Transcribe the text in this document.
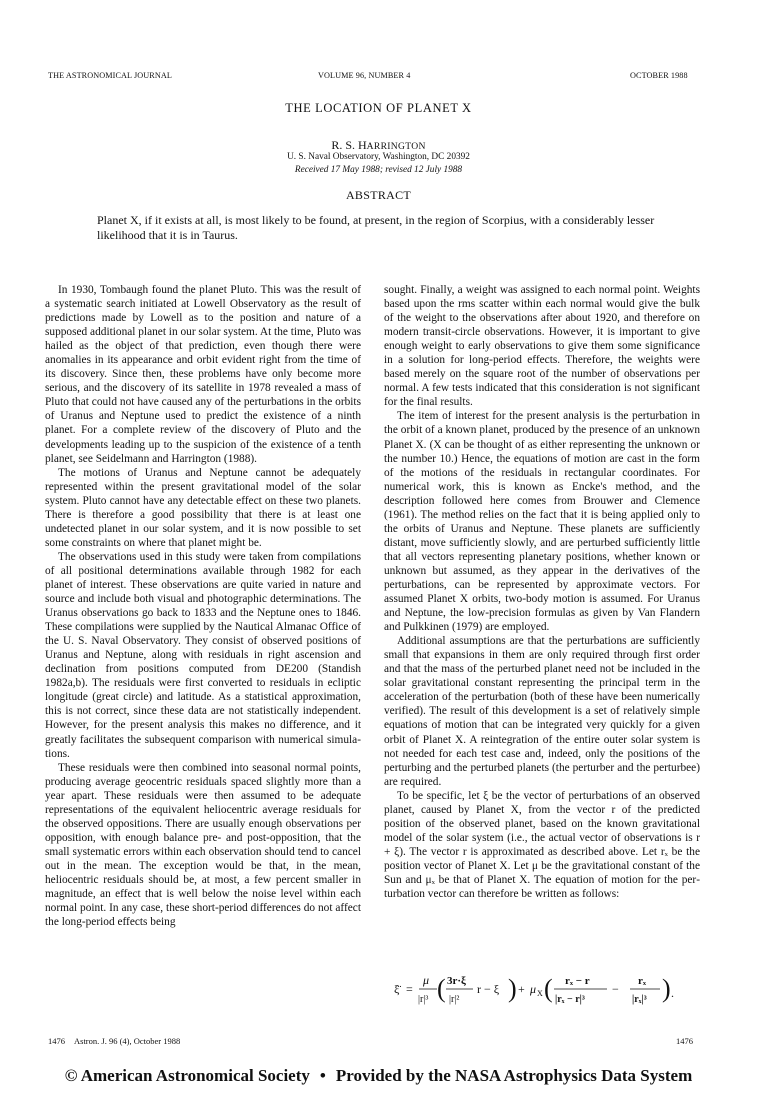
THE ASTRONOMICAL JOURNAL	VOLUME 96, NUMBER 4	OCTOBER 1988
THE LOCATION OF PLANET X
R. S. HARRINGTON
U. S. Naval Observatory, Washington, DC 20392
Received 17 May 1988; revised 12 July 1988
ABSTRACT
Planet X, if it exists at all, is most likely to be found, at present, in the region of Scorpius, with a considerably lesser likelihood that it is in Taurus.

In 1930, Tombaugh found the planet Pluto. This was the result of a systematic search initiated at Lowell Observatory as the result of predictions made by Lowell as to the position and nature of a supposed additional planet in our solar system. At the time, Pluto was hailed as the object of that prediction, even though there were anomalies in its appearance and orbit evident right from the time of its discovery. Since then, these problems have only become more serious, and the discovery of its satellite in 1978 revealed a mass of Pluto that could not have caused any of the perturbations in the orbits of Uranus and Neptune used to predict the existence of a ninth planet. For a complete review of the discovery of Pluto and the developments leading up to the suspicion of the existence of a tenth planet, see Seidelmann and Harrington (1988).

The motions of Uranus and Neptune cannot be adequately represented within the present gravitational model of the solar system. Pluto cannot have any detectable effect on these two planets. There is therefore a good possibility that there is at least one undetected planet in our solar system, and it is now possible to set some constraints on where that planet might be.

The observations used in this study were taken from compilations of all positional determinations available through 1982 for each planet of interest. These observations are quite varied in nature and source and include both visual and photographic determinations. The Uranus observations go back to 1833 and the Neptune ones to 1846. These compilations were supplied by the Nautical Almanac Office of the U. S. Naval Observatory. They consist of observed positions of Uranus and Neptune, along with residuals in right ascension and declination from positions computed from DE200 (Standish 1982a,b). The residuals were first converted to residuals in ecliptic longitude (great circle) and latitude. As a statistical approximation, this is not correct, since these data are not statistically independent. However, for the present analysis this makes no difference, and it greatly facilitates the subsequent comparison with numerical simulations.

These residuals were then combined into seasonal normal points, producing average geocentric residuals spaced slightly more than a year apart. These residuals were then assumed to be adequate representations of the equivalent heliocentric average residuals for the observed oppositions. There are usually enough observations per opposition, with enough balance pre- and post-opposition, that the small systematic errors within each observation should tend to cancel out in the mean. The exception would be that, in the mean, heliocentric residuals should be, at most, a few percent smaller in magnitude, an effect that is well below the noise level within each normal point. In any case, these short-period differences do not affect the long-period effects being

sought. Finally, a weight was assigned to each normal point. Weights based upon the rms scatter within each normal would give the bulk of the weight to the observations after about 1920, and therefore on modern transit-circle observations. However, it is important to give enough weight to early observations to give them some significance in a solution for long-period effects. Therefore, the weights were based merely on the square root of the number of observations per normal. A few tests indicated that this consideration is not significant for the final results.

The item of interest for the present analysis is the perturbation in the orbit of a known planet, produced by the presence of an unknown Planet X. (X can be thought of as either representing the unknown or the number 10.) Hence, the equations of motion are cast in the form of the motions of the residuals in rectangular coordinates. For numerical work, this is known as Encke's method, and the description followed here comes from Brouwer and Clemence (1961). The method relies on the fact that it is being applied only to the orbits of Uranus and Neptune. These planets are sufficiently distant, move sufficiently slowly, and are perturbed sufficiently little that all vectors representing planetary positions, whether known or unknown but assumed, as they appear in the derivatives of the perturbations, can be represented by approximate vectors. For assumed Planet X orbits, two-body motion is assumed. For Uranus and Neptune, the low-precision formulas as given by Van Flandern and Pulkkinen (1979) are employed.

Additional assumptions are that the perturbations are sufficiently small that expansions in them are only required through first order and that the mass of the perturbed planet need not be included in the solar gravitational constant representing the principal term in the acceleration of the perturbation (both of these have been numerically verified). The result of this development is a set of relatively simple equations of motion that can be integrated very quickly for a given orbit of Planet X. A reintegration of the entire outer solar system is not needed for each test case and, indeed, only the positions of the perturbing and the perturbed planets (the perturber and the perturbee) are required.

To be specific, let ξ be the vector of perturbations of an observed planet, caused by Planet X, from the vector r of the predicted position of the observed planet, based on the known gravitational model of the solar system (i.e., the actual vector of observations is r + ξ). The vector r is approximated as described above. Let rₓ be the position vector of Planet X. Let μ be the gravitational constant of the Sun and μₓ be that of Planet X. The equation of motion for the perturbation vector can therefore be written as follows:

ξ̈ =
μ
|r|³ ( 3r·ξ
|r|²
r − ξ ) + μ X ( rₓ − r
|rₓ − r|³
−
rₓ
|rₓ|³ ) .
1476 Astron. J. 96 (4), October 1988	1476
© American Astronomical Society • Provided by the NASA Astrophysics Data System
